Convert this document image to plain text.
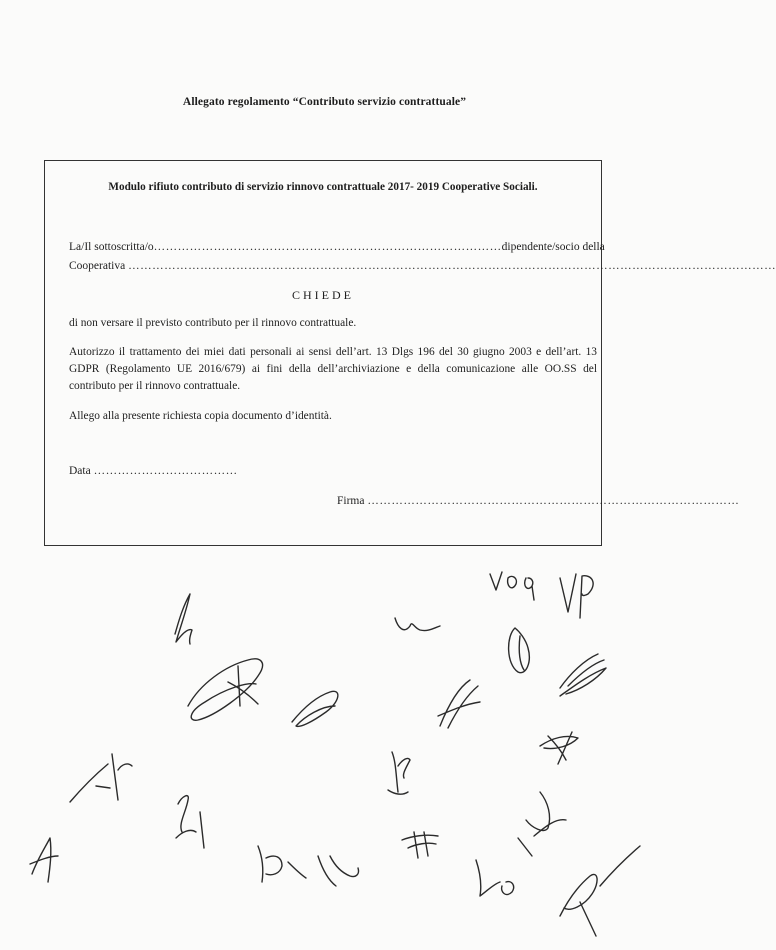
Allegato regolamento “Contributo servizio contrattuale”
Modulo rifiuto contributo di servizio rinnovo contrattuale 2017- 2019 Cooperative Sociali.
La/Il sottoscritta/o …………………………………………………………………………… dipendente/socio della
Cooperativa ………………………………………………………………………………………………………………………………………………
CHIEDE
di non versare il previsto contributo per il rinnovo contrattuale.
Autorizzo il trattamento dei miei dati personali ai sensi dell’art. 13 Dlgs 196 del 30 giugno 2003 e dell’art. 13 GDPR (Regolamento UE 2016/679) ai fini della dell’archiviazione e della comunicazione alle OO.SS del contributo per il rinnovo contrattuale.
Allego alla presente richiesta copia documento d’identità.
Data ………………………………
Firma …………………………………………………………………………………
